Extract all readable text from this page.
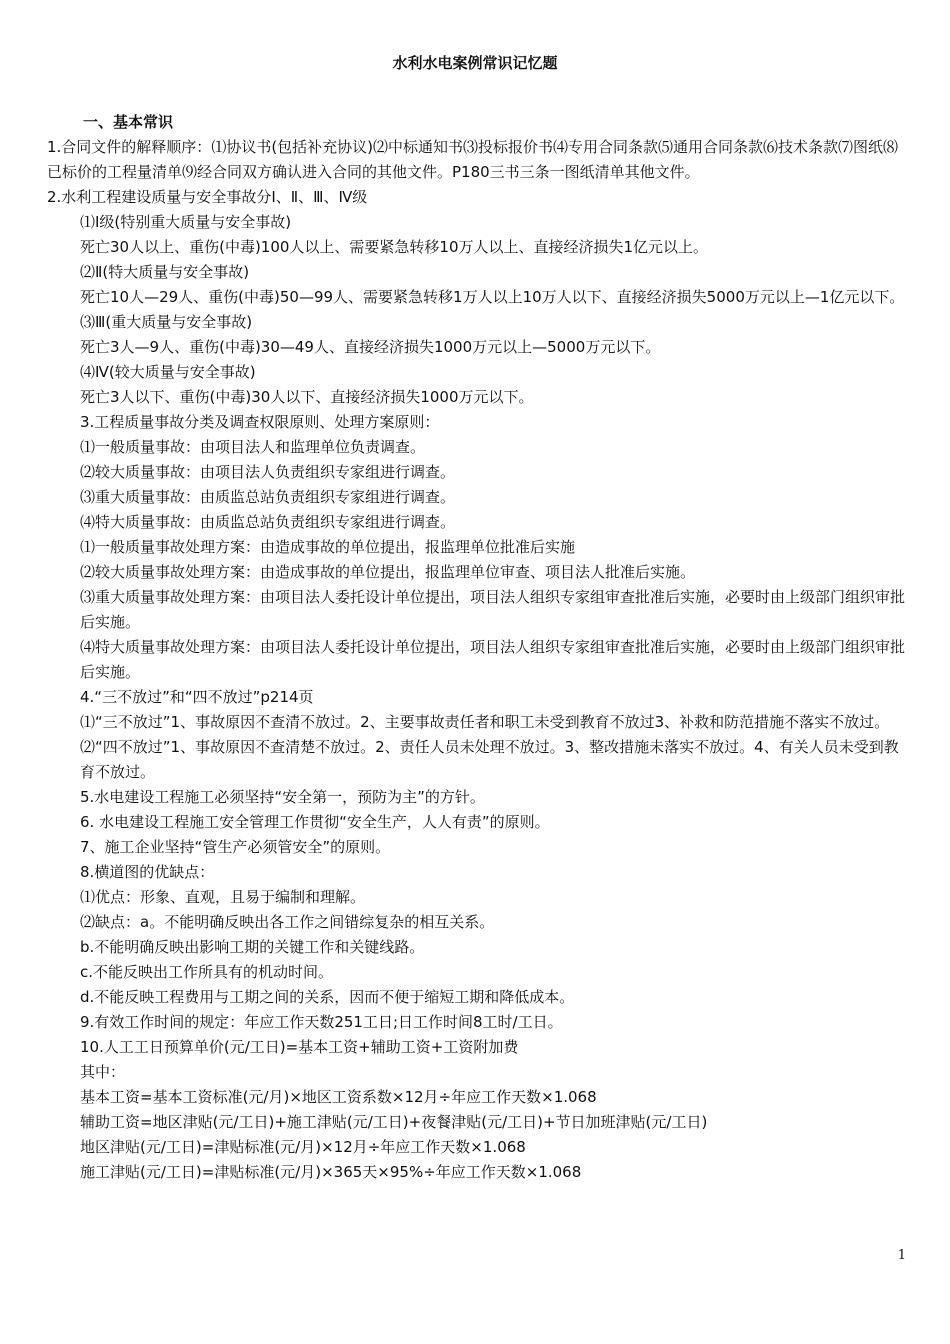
水利水电案例常识记忆题

一、基本常识

1.合同文件的解释顺序：⑴协议书(包括补充协议)⑵中标通知书⑶投标报价书⑷专用合同条款⑸通用合同条款⑹技术条款⑺图纸⑻已标价的工程量清单⑼经合同双方确认进入合同的其他文件。P180三书三条一图纸清单其他文件。

2.水利工程建设质量与安全事故分Ⅰ、Ⅱ、Ⅲ、Ⅳ级

⑴Ⅰ级(特别重大质量与安全事故)

死亡30人以上、重伤(中毒)100人以上、需要紧急转移10万人以上、直接经济损失1亿元以上。

⑵Ⅱ(特大质量与安全事故)

死亡10人—29人、重伤(中毒)50—99人、需要紧急转移1万人以上10万人以下、直接经济损失5000万元以上—1亿元以下。

⑶Ⅲ(重大质量与安全事故)

死亡3人—9人、重伤(中毒)30—49人、直接经济损失1000万元以上—5000万元以下。

⑷Ⅳ(较大质量与安全事故)

死亡3人以下、重伤(中毒)30人以下、直接经济损失1000万元以下。

3.工程质量事故分类及调查权限原则、处理方案原则：

⑴一般质量事故：由项目法人和监理单位负责调查。

⑵较大质量事故：由项目法人负责组织专家组进行调查。

⑶重大质量事故：由质监总站负责组织专家组进行调查。

⑷特大质量事故：由质监总站负责组织专家组进行调查。

⑴一般质量事故处理方案：由造成事故的单位提出，报监理单位批准后实施

⑵较大质量事故处理方案：由造成事故的单位提出，报监理单位审查、项目法人批准后实施。

⑶重大质量事故处理方案：由项目法人委托设计单位提出，项目法人组织专家组审查批准后实施，必要时由上级部门组织审批后实施。

⑷特大质量事故处理方案：由项目法人委托设计单位提出，项目法人组织专家组审查批准后实施，必要时由上级部门组织审批后实施。

4.“三不放过”和“四不放过”p214页

⑴“三不放过”1、事故原因不查清不放过。2、主要事故责任者和职工未受到教育不放过3、补救和防范措施不落实不放过。

⑵“四不放过”1、事故原因不查清楚不放过。2、责任人员未处理不放过。3、整改措施未落实不放过。4、有关人员未受到教育不放过。

5.水电建设工程施工必须坚持“安全第一，预防为主”的方针。

6. 水电建设工程施工安全管理工作贯彻“安全生产，人人有责”的原则。

7、施工企业坚持“管生产必须管安全”的原则。

8.横道图的优缺点：

⑴优点：形象、直观，且易于编制和理解。

⑵缺点：a。不能明确反映出各工作之间错综复杂的相互关系。

b.不能明确反映出影响工期的关键工作和关键线路。

c.不能反映出工作所具有的机动时间。

d.不能反映工程费用与工期之间的关系，因而不便于缩短工期和降低成本。

9.有效工作时间的规定：年应工作天数251工日;日工作时间8工时/工日。

10.人工工日预算单价(元/工日)=基本工资+辅助工资+工资附加费

其中：

基本工资=基本工资标准(元/月)×地区工资系数×12月÷年应工作天数×1.068

辅助工资=地区津贴(元/工日)+施工津贴(元/工日)+夜餐津贴(元/工日)+节日加班津贴(元/工日)

地区津贴(元/工日)=津贴标准(元/月)×12月÷年应工作天数×1.068

施工津贴(元/工日)=津贴标准(元/月)×365天×95%÷年应工作天数×1.068

1
